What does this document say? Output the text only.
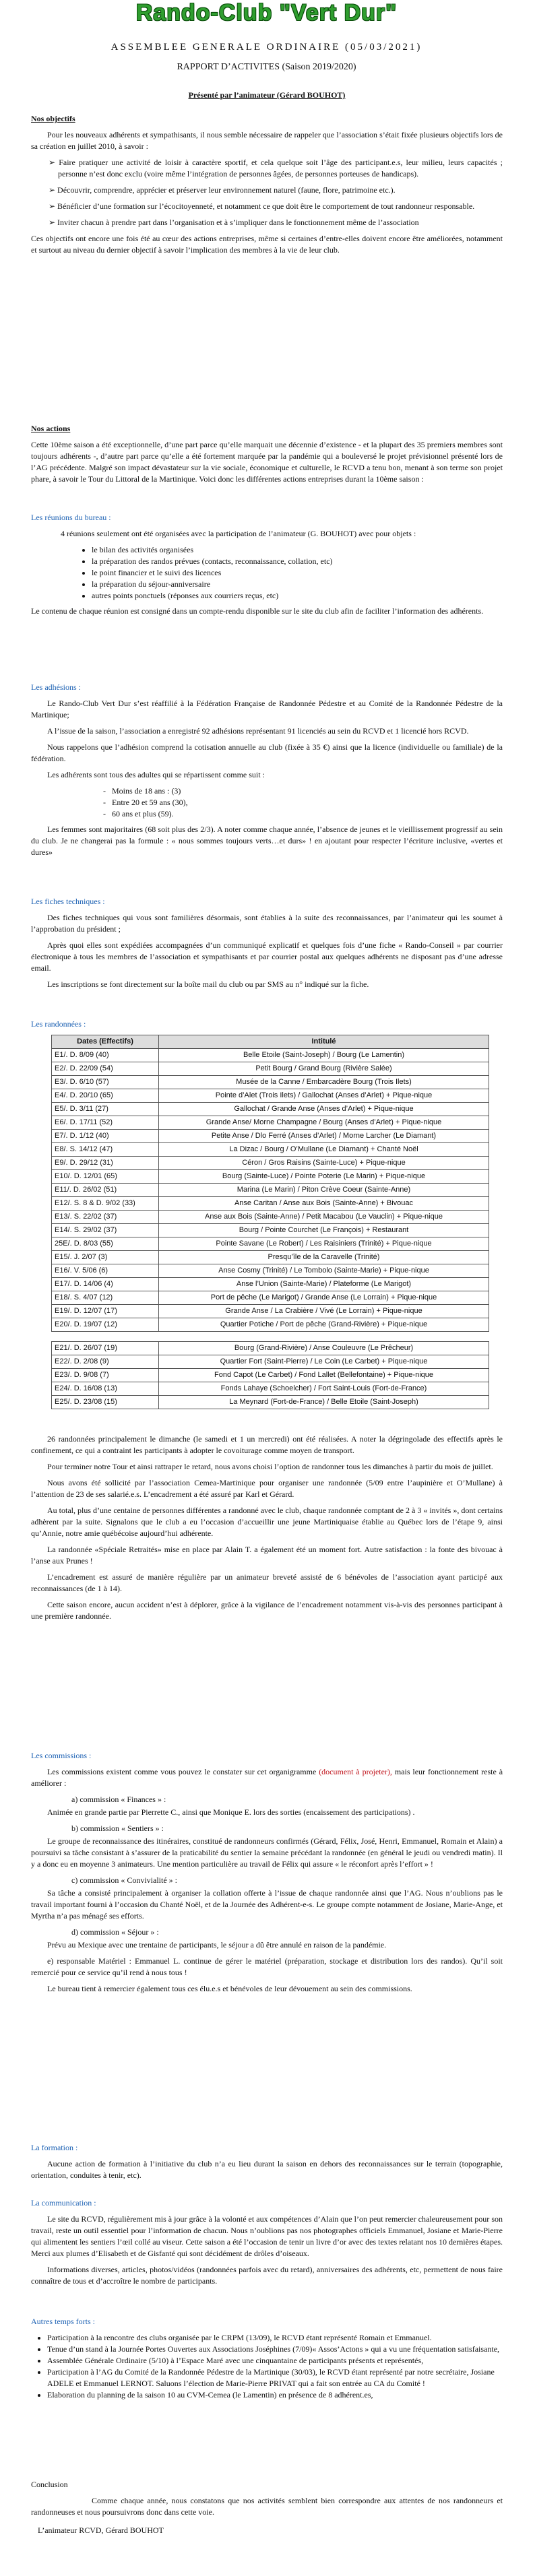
Rando-Club "Vert Dur"
ASSEMBLEE GENERALE ORDINAIRE (05/03/2021)
RAPPORT D’ACTIVITES (Saison 2019/2020)

Présenté par l’animateur (Gérard BOUHOT)

Nos objectifs

Pour les nouveaux adhérents et sympathisants, il nous semble nécessaire de rappeler que l’association s’était fixée plusieurs objectifs lors de sa création en juillet 2010, à savoir :

➢ Faire pratiquer une activité de loisir à caractère sportif, et cela quelque soit l’âge des participant.e.s, leur milieu, leurs capacités ; personne n’est donc exclu (voire même l’intégration de personnes âgées, de personnes porteuses de handicaps).

➢ Découvrir, comprendre, apprécier et préserver leur environnement naturel (faune, flore, patrimoine etc.).

➢ Bénéficier d’une formation sur l’écocitoyenneté, et notamment ce que doit être le comportement de tout randonneur responsable.

➢ Inviter chacun à prendre part dans l’organisation et à s’impliquer dans le fonctionnement même de l’association

Ces objectifs ont encore une fois été au cœur des actions entreprises, même si certaines d’entre-elles doivent encore être améliorées, notamment et surtout au niveau du dernier objectif à savoir l’implication des membres à la vie de leur club.

Nos actions

Cette 10ème saison a été exceptionnelle, d’une part parce qu’elle marquait une décennie d’existence - et la plupart des 35 premiers membres sont toujours adhérents -, d’autre part parce qu’elle a été fortement marquée par la pandémie qui a bouleversé le projet prévisionnel présenté lors de l’AG précédente. Malgré son impact dévastateur sur la vie sociale, économique et culturelle, le RCVD a tenu bon, menant à son terme son projet phare, à savoir le Tour du Littoral de la Martinique. Voici donc les différentes actions entreprises durant la 10ème saison :

Les réunions du bureau :

4 réunions seulement ont été organisées avec la participation de l’animateur (G. BOUHOT) avec pour objets :

• le bilan des activités organisées
• la préparation des randos prévues (contacts, reconnaissance, collation, etc)
• le point financier et le suivi des licences
• la préparation du séjour-anniversaire
• autres points ponctuels (réponses aux courriers reçus, etc)

Le contenu de chaque réunion est consigné dans un compte-rendu disponible sur le site du club afin de faciliter l’information des adhérents.

Les adhésions :

Le Rando-Club Vert Dur s’est réaffilié à la Fédération Française de Randonnée Pédestre et au Comité de la Randonnée Pédestre de la Martinique;

A l’issue de la saison, l’association a enregistré 92 adhésions représentant 91 licenciés au sein du RCVD et 1 licencié hors RCVD.

Nous rappelons que l’adhésion comprend la cotisation annuelle au club (fixée à 35 €) ainsi que la licence (individuelle ou familiale) de la fédération.

Les adhérents sont tous des adultes qui se répartissent comme suit :

- Moins de 18 ans : (3)
- Entre 20 et 59 ans (30),
- 60 ans et plus (59).

Les femmes sont majoritaires (68 soit plus des 2/3). A noter comme chaque année, l’absence de jeunes et le vieillissement progressif au sein du club. Je ne changerai pas la formule : « nous sommes toujours verts…et durs» ! en ajoutant pour respecter l’écriture inclusive, «vertes et dures»

Les fiches techniques :

Des fiches techniques qui vous sont familières désormais, sont établies à la suite des reconnaissances, par l’animateur qui les soumet à l’approbation du président ;

Après quoi elles sont expédiées accompagnées d’un communiqué explicatif et quelques fois d’une fiche « Rando-Conseil » par courrier électronique à tous les membres de l’association et sympathisants et par courrier postal aux quelques adhérents ne disposant pas d’une adresse email.

Les inscriptions se font directement sur la boîte mail du club ou par SMS au n° indiqué sur la fiche.

Les randonnées :

Dates (Effectifs)	Intitulé
E1/. D. 8/09 (40)	Belle Etoile (Saint-Joseph) / Bourg (Le Lamentin)
E2/. D. 22/09 (54)	Petit Bourg / Grand Bourg (Rivière Salée)
E3/. D. 6/10 (57)	Musée de la Canne / Embarcadère Bourg (Trois Ilets)
E4/. D. 20/10 (65)	Pointe d’Alet (Trois Ilets) / Gallochat (Anses d’Arlet) + Pique-nique
E5/. D. 3/11 (27)	Gallochat / Grande Anse (Anses d’Arlet) + Pique-nique
E6/. D. 17/11 (52)	Grande Anse/ Morne Champagne / Bourg (Anses d’Arlet) + Pique-nique
E7/. D. 1/12 (40)	Petite Anse / Dlo Ferré (Anses d’Arlet) / Morne Larcher (Le Diamant)
E8/. S. 14/12 (47)	La Dizac / Bourg / O’Mullane (Le Diamant) + Chanté Noël
E9/. D. 29/12 (31)	Céron / Gros Raisins (Sainte-Luce) + Pique-nique
E10/. D. 12/01 (65)	Bourg (Sainte-Luce) / Pointe Poterie (Le Marin) + Pique-nique
E11/. D. 26/02 (51)	Marina (Le Marin) / Piton Crève Coeur (Sainte-Anne)
E12/. S. 8 & D. 9/02 (33)	Anse Caritan / Anse aux Bois (Sainte-Anne) + Bivouac
E13/. S. 22/02 (37)	Anse aux Bois (Sainte-Anne) / Petit Macabou (Le Vauclin) + Pique-nique
E14/. S. 29/02 (37)	Bourg / Pointe Courchet (Le François) + Restaurant
25E/. D. 8/03 (55)	Pointe Savane (Le Robert) / Les Raisiniers (Trinité) + Pique-nique
E15/. J. 2/07 (3)	Presqu’île de la Caravelle (Trinité)
E16/. V. 5/06 (6)	Anse Cosmy (Trinité) / Le Tombolo (Sainte-Marie) + Pique-nique
E17/. D. 14/06 (4)	Anse l’Union (Sainte-Marie) / Plateforme (Le Marigot)
E18/. S. 4/07 (12)	Port de pêche (Le Marigot) / Grande Anse (Le Lorrain) + Pique-nique
E19/. D. 12/07 (17)	Grande Anse / La Crabière / Vivé (Le Lorrain) + Pique-nique
E20/. D. 19/07 (12)	Quartier Potiche / Port de pêche (Grand-Rivière) + Pique-nique
E21/. D. 26/07 (19)	Bourg (Grand-Rivière) / Anse Couleuvre (Le Prêcheur)
E22/. D. 2/08 (9)	Quartier Fort (Saint-Pierre) / Le Coin (Le Carbet) + Pique-nique
E23/. D. 9/08 (7)	Fond Capot (Le Carbet) / Fond Lallet (Bellefontaine) + Pique-nique
E24/. D. 16/08 (13)	Fonds Lahaye (Schoelcher) / Fort Saint-Louis (Fort-de-France)
E25/. D. 23/08 (15)	La Meynard (Fort-de-France) / Belle Etoile (Saint-Joseph)

26 randonnées principalement le dimanche (le samedi et 1 un mercredi) ont été réalisées. A noter la dégringolade des effectifs après le confinement, ce qui a contraint les participants à adopter le covoiturage comme moyen de transport.

Pour terminer notre Tour et ainsi rattraper le retard, nous avons choisi l’option de randonner tous les dimanches à partir du mois de juillet.

Nous avons été sollicité par l’association Cemea-Martinique pour organiser une randonnée (5/09 entre l’aupinière et O’Mullane) à l’attention de 23 de ses salarié.e.s. L’encadrement a été assuré par Karl et Gérard.

Au total, plus d’une centaine de personnes différentes a randonné avec le club, chaque randonnée comptant de 2 à 3 « invités », dont certains adhèrent par la suite. Signalons que le club a eu l’occasion d’accueillir une jeune Martiniquaise établie au Québec lors de l’étape 9, ainsi qu’Annie, notre amie québécoise aujourd’hui adhérente.

La randonnée «Spéciale Retraités» mise en place par Alain T. a également été un moment fort. Autre satisfaction : la fonte des bivouac à l’anse aux Prunes !

L’encadrement est assuré de manière régulière par un animateur breveté assisté de 6 bénévoles de l’association ayant participé aux reconnaissances (de 1 à 14).

Cette saison encore, aucun accident n’est à déplorer, grâce à la vigilance de l’encadrement notamment vis-à-vis des personnes participant à une première randonnée.

Les commissions :

Les commissions existent comme vous pouvez le constater sur cet organigramme (document à projeter), mais leur fonctionnement reste à améliorer :

a) commission « Finances » :

Animée en grande partie par Pierrette C., ainsi que Monique E. lors des sorties (encaissement des participations) .

b) commission « Sentiers » :

Le groupe de reconnaissance des itinéraires, constitué de randonneurs confirmés (Gérard, Félix, José, Henri, Emmanuel, Romain et Alain) a poursuivi sa tâche consistant à s’assurer de la praticabilité du sentier la semaine précédant la randonnée (en général le jeudi ou vendredi matin). Il y a donc eu en moyenne 3 animateurs. Une mention particulière au travail de Félix qui assure « le réconfort après l’effort » !

c) commission « Convivialité » :

Sa tâche a consisté principalement à organiser la collation offerte à l’issue de chaque randonnée ainsi que l’AG. Nous n’oublions pas le travail important fourni à l’occasion du Chanté Noël, et de la Journée des Adhérent-e-s. Le groupe compte notamment de Josiane, Marie-Ange, et Myrtha n’a pas ménagé ses efforts.

d) commission « Séjour » :

Prévu au Mexique avec une trentaine de participants, le séjour a dû être annulé en raison de la pandémie.

e) responsable Matériel : Emmanuel L. continue de gérer le matériel (préparation, stockage et distribution lors des randos). Qu’il soit remercié pour ce service qu’il rend à nous tous !

Le bureau tient à remercier également tous ces élu.e.s et bénévoles de leur dévouement au sein des commissions.

La formation :

Aucune action de formation à l’initiative du club n’a eu lieu durant la saison en dehors des reconnaissances sur le terrain (topographie, orientation, conduites à tenir, etc).

La communication :

Le site du RCVD, régulièrement mis à jour grâce à la volonté et aux compétences d’Alain que l’on peut remercier chaleureusement pour son travail, reste un outil essentiel pour l’information de chacun. Nous n’oublions pas nos photographes officiels Emmanuel, Josiane et Marie-Pierre qui alimentent les sentiers l’œil collé au viseur. Cette saison a été l’occasion de tenir un livre d’or avec des textes relatant nos 10 dernières étapes. Merci aux plumes d’Elisabeth et de Gisfanté qui sont décidément de drôles d’oiseaux.

Informations diverses, articles, photos/vidéos (randonnées parfois avec du retard), anniversaires des adhérents, etc, permettent de nous faire connaître de tous et d’accroître le nombre de participants.

Autres temps forts :

• Participation à la rencontre des clubs organisée par le CRPM (13/09), le RCVD étant représenté Romain et Emmanuel.
• Tenue d’un stand à la Journée Portes Ouvertes aux Associations Joséphines (7/09)« Assos’Actons » qui a vu une fréquentation satisfaisante,
• Assemblée Générale Ordinaire (5/10) à l’Espace Maré avec une cinquantaine de participants présents et représentés,
• Participation à l’AG du Comité de la Randonnée Pédestre de la Martinique (30/03), le RCVD étant représenté par notre secrétaire, Josiane ADELE et Emmanuel LERNOT. Saluons l’élection de Marie-Pierre PRIVAT qui a fait son entrée au CA du Comité !
• Elaboration du planning de la saison 10 au CVM-Cemea (le Lamentin) en présence de 8 adhérent.es,

Conclusion

Comme chaque année, nous constatons que nos activités semblent bien correspondre aux attentes de nos randonneurs et randonneuses et nous poursuivrons donc dans cette voie.

L’animateur RCVD, Gérard BOUHOT
